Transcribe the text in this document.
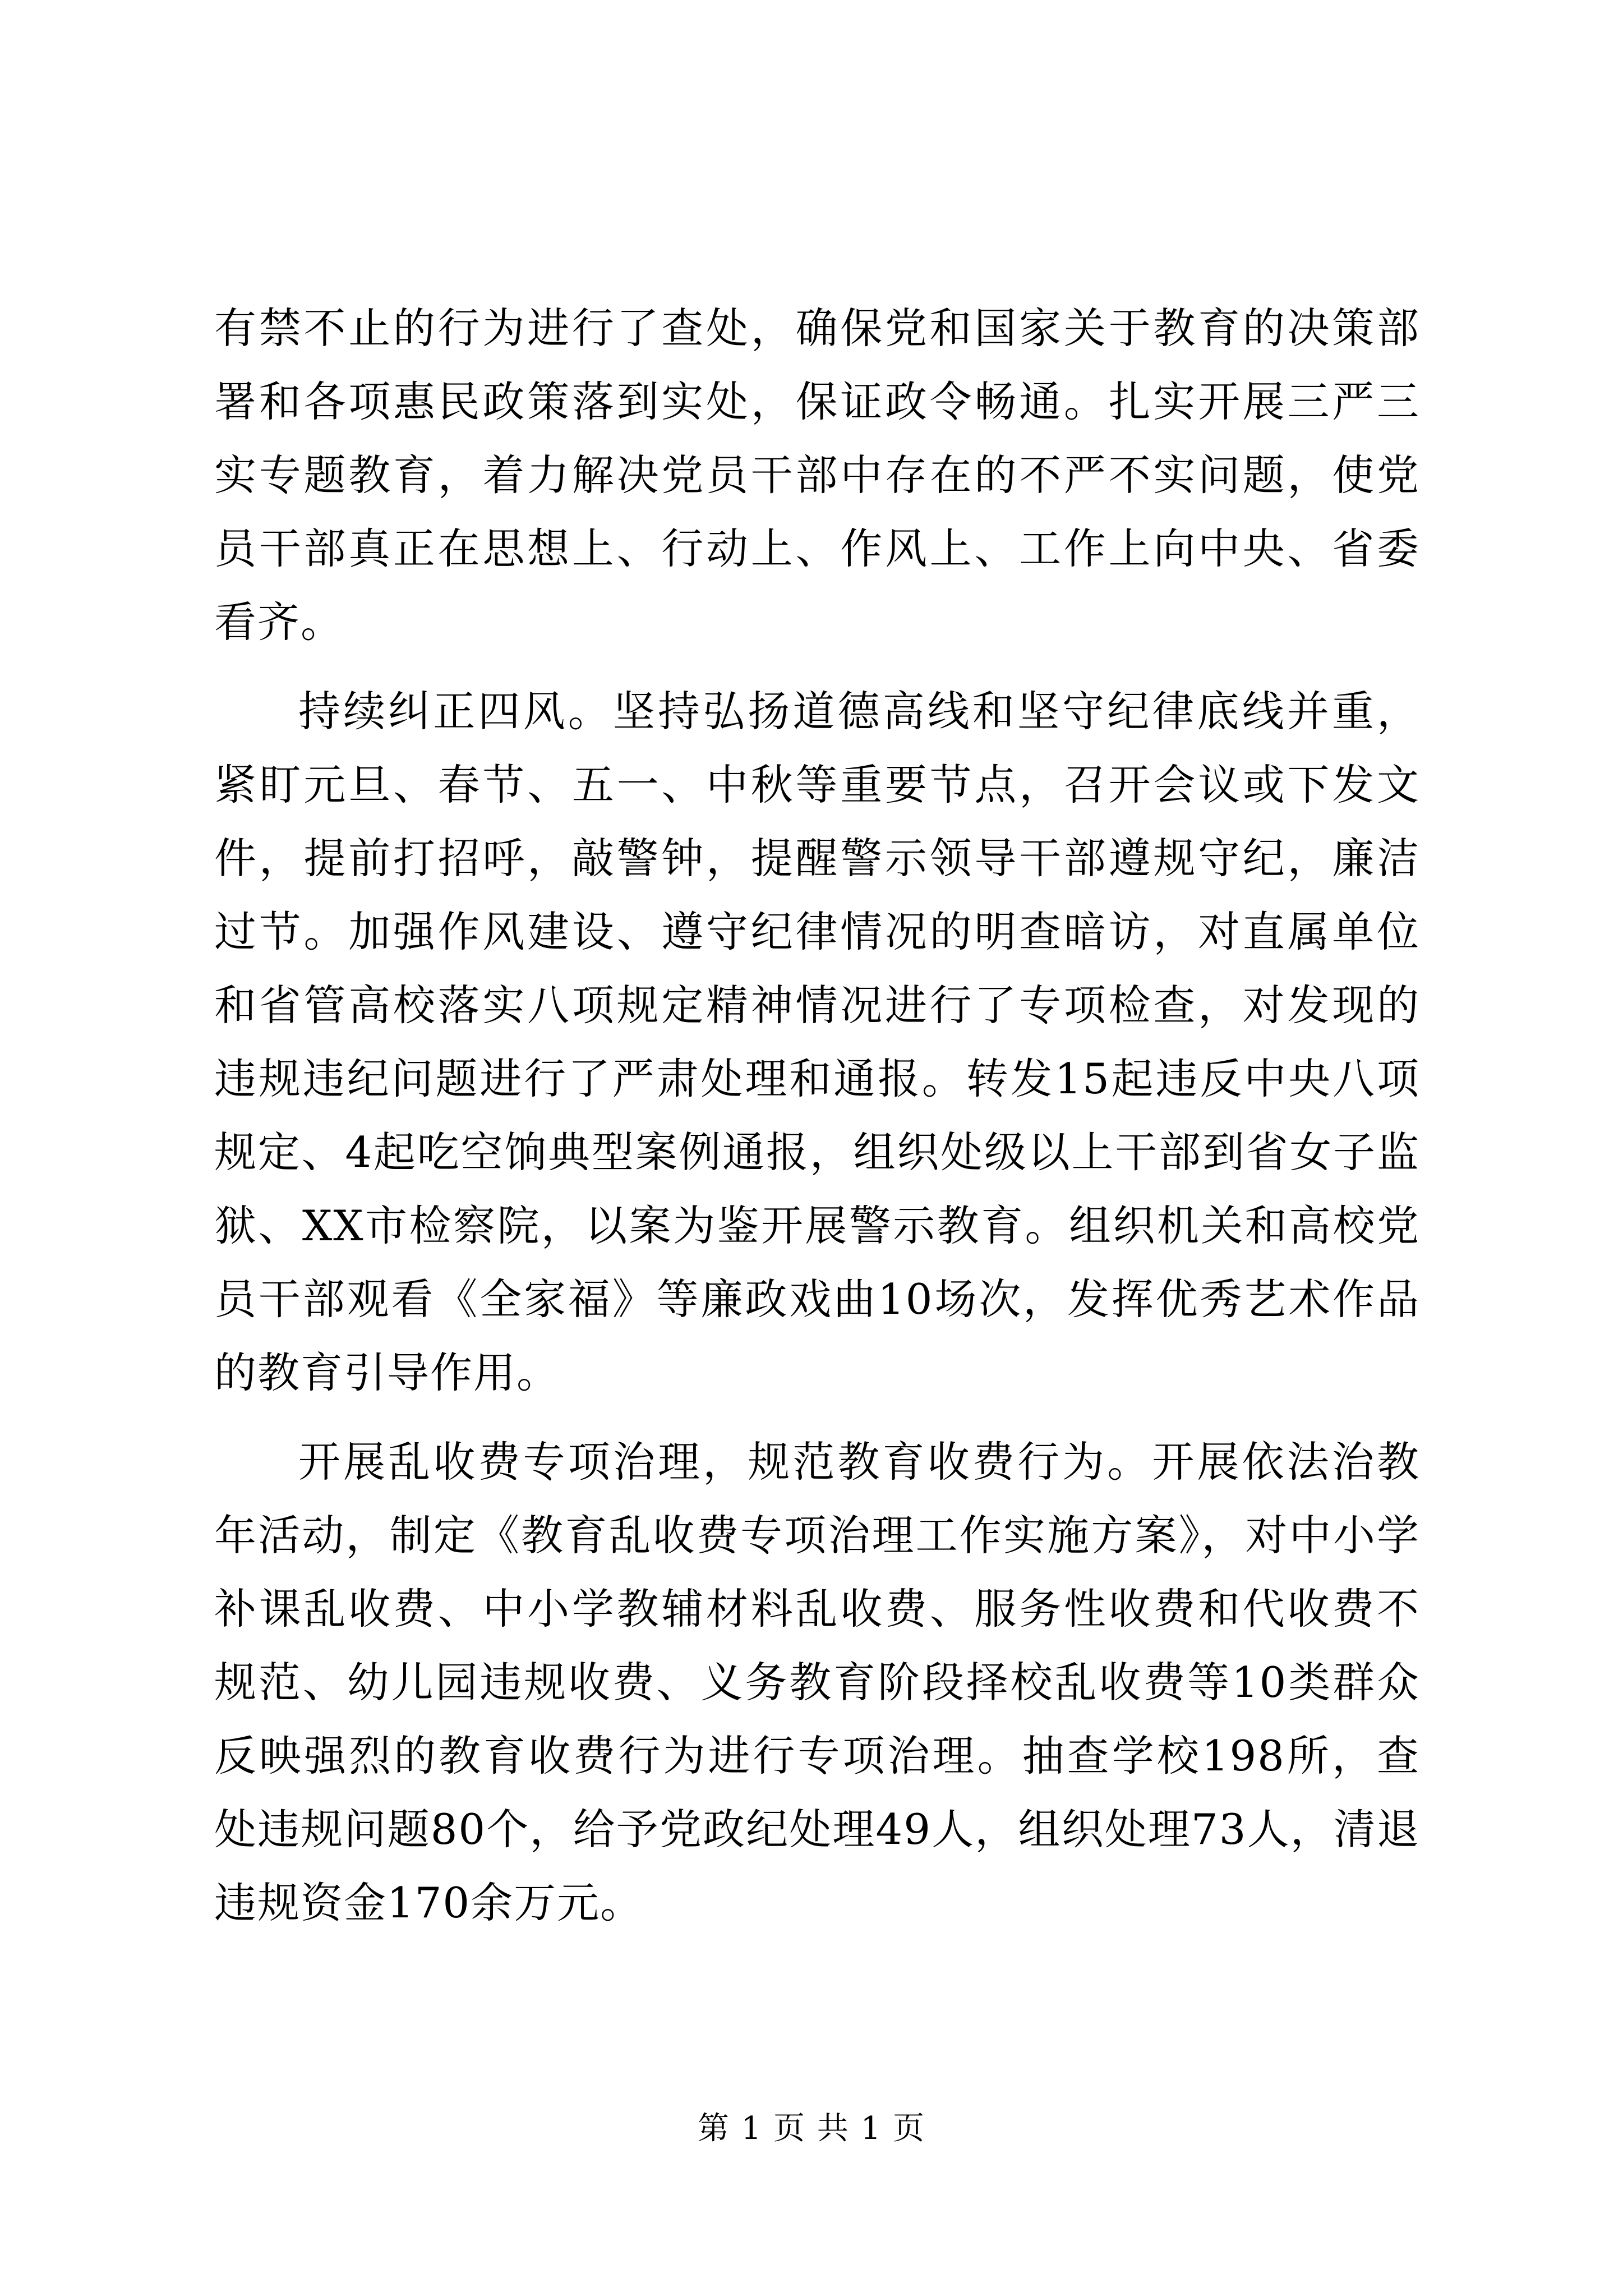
有禁不止的行为进行了查处，确保党和国家关于教育的决策部署和各项惠民政策落到实处，保证政令畅通。扎实开展三严三实专题教育，着力解决党员干部中存在的不严不实问题，使党员干部真正在思想上、行动上、作风上、工作上向中央、省委看齐。

持续纠正四风。坚持弘扬道德高线和坚守纪律底线并重，紧盯元旦、春节、五一、中秋等重要节点，召开会议或下发文件，提前打招呼，敲警钟，提醒警示领导干部遵规守纪，廉洁过节。加强作风建设、遵守纪律情况的明查暗访，对直属单位和省管高校落实八项规定精神情况进行了专项检查，对发现的违规违纪问题进行了严肃处理和通报。转发15起违反中央八项规定、4起吃空饷典型案例通报，组织处级以上干部到省女子监狱、XX市检察院，以案为鉴开展警示教育。组织机关和高校党员干部观看《全家福》等廉政戏曲10场次，发挥优秀艺术作品的教育引导作用。

开展乱收费专项治理，规范教育收费行为。开展依法治教年活动，制定《教育乱收费专项治理工作实施方案》，对中小学补课乱收费、中小学教辅材料乱收费、服务性收费和代收费不规范、幼儿园违规收费、义务教育阶段择校乱收费等10类群众反映强烈的教育收费行为进行专项治理。抽查学校198所，查处违规问题80个，给予党政纪处理49人，组织处理73人，清退违规资金170余万元。

第 1 页 共 1 页
